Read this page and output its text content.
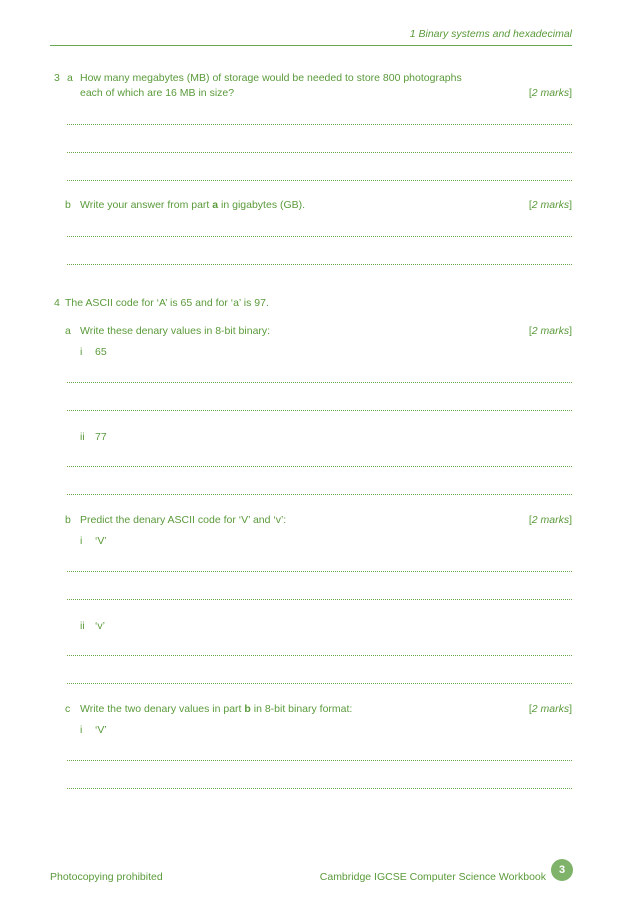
1 Binary systems and hexadecimal
3 a How many megabytes (MB) of storage would be needed to store 800 photographs
each of which are 16 MB in size?	[2 marks]
b Write your answer from part a in gigabytes (GB).	[2 marks]
4 The ASCII code for ‘A’ is 65 and for ‘a’ is 97.
a Write these denary values in 8-bit binary:	[2 marks]
i 65
ii 77
b Predict the denary ASCII code for ‘V’ and ‘v’:	[2 marks]
i ‘V’
ii ‘v’
c Write the two denary values in part b in 8-bit binary format:	[2 marks]
i ‘V’
Photocopying prohibited	Cambridge IGCSE Computer Science Workbook
3
